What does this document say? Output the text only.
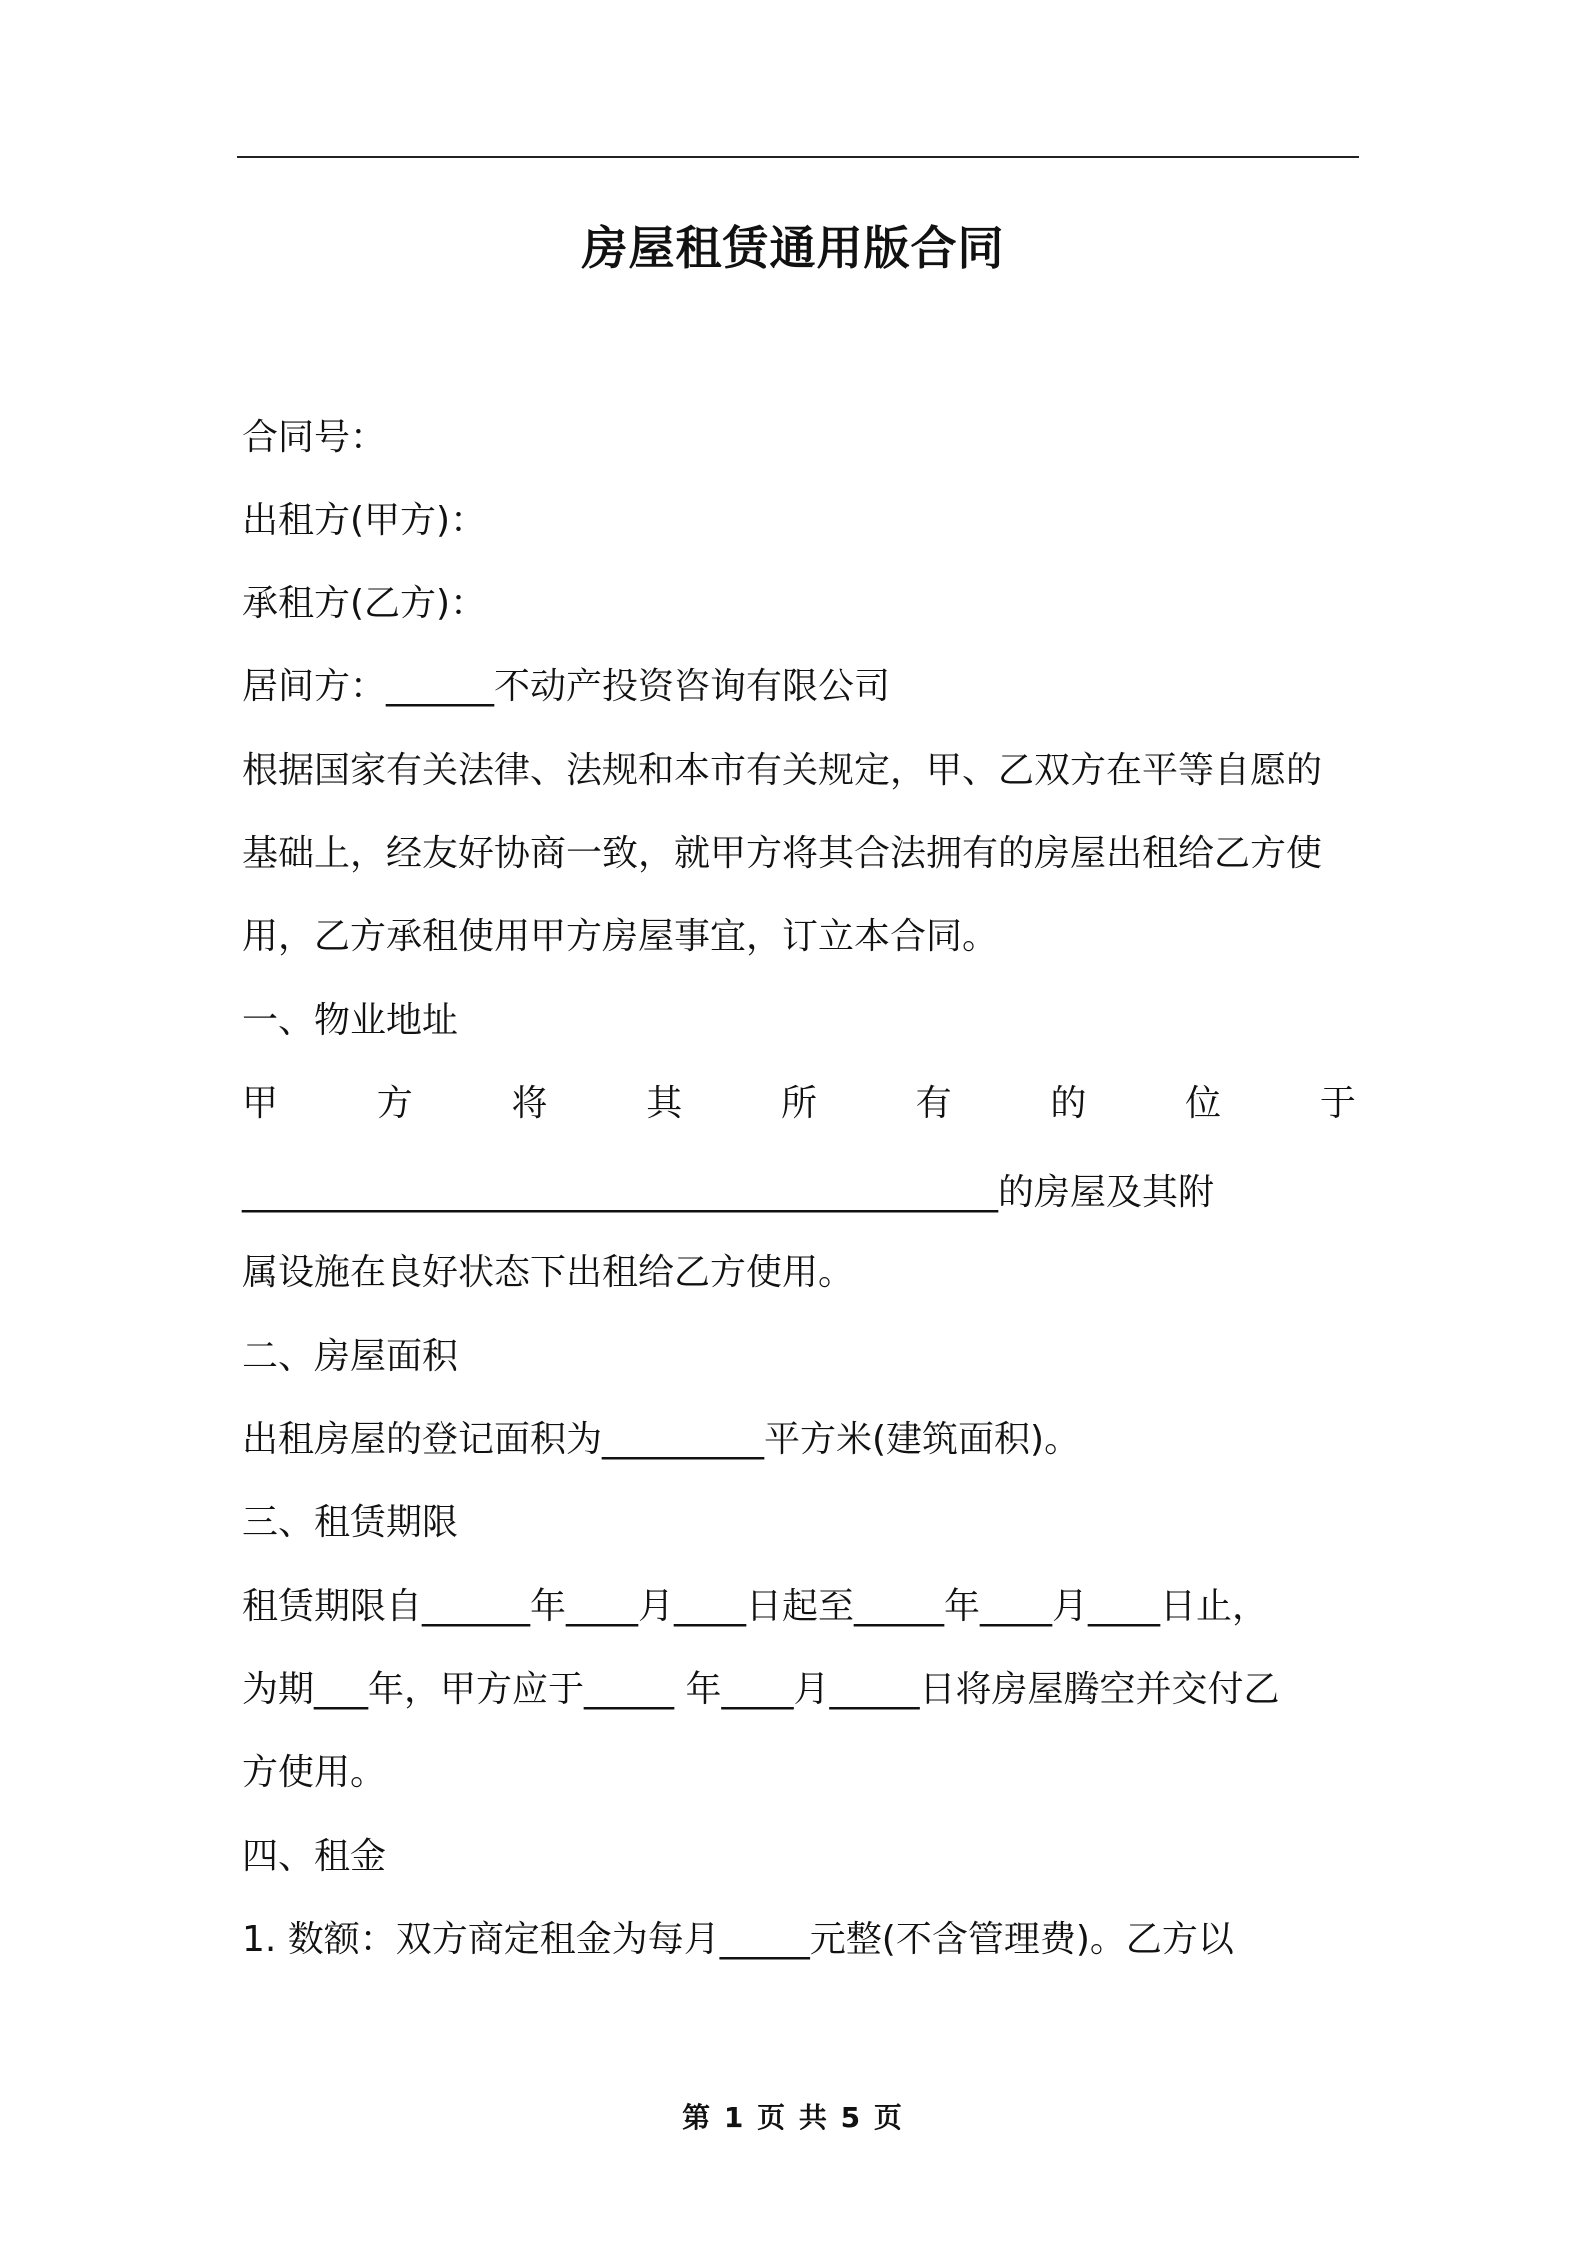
房屋租赁通用版合同
合同号：
出租方(甲方)：
承租方(乙方)：
居间方：______不动产投资咨询有限公司
根据国家有关法律、法规和本市有关规定，甲、乙双方在平等自愿的
基础上，经友好协商一致，就甲方将其合法拥有的房屋出租给乙方使
用，乙方承租使用甲方房屋事宜，订立本合同。
一、物业地址
甲	方	将	其	所	有	的	位	于
__________________________________________的房屋及其附
属设施在良好状态下出租给乙方使用。
二、房屋面积
出租房屋的登记面积为_________平方米(建筑面积)。
三、租赁期限
租赁期限自______年____月____日起至_____年____月____日止，
为期___年，甲方应于_____ 年____月_____日将房屋腾空并交付乙
方使用。
四、租金
1. 数额：双方商定租金为每月_____元整(不含管理费)。乙方以
第 1 页 共 5 页
